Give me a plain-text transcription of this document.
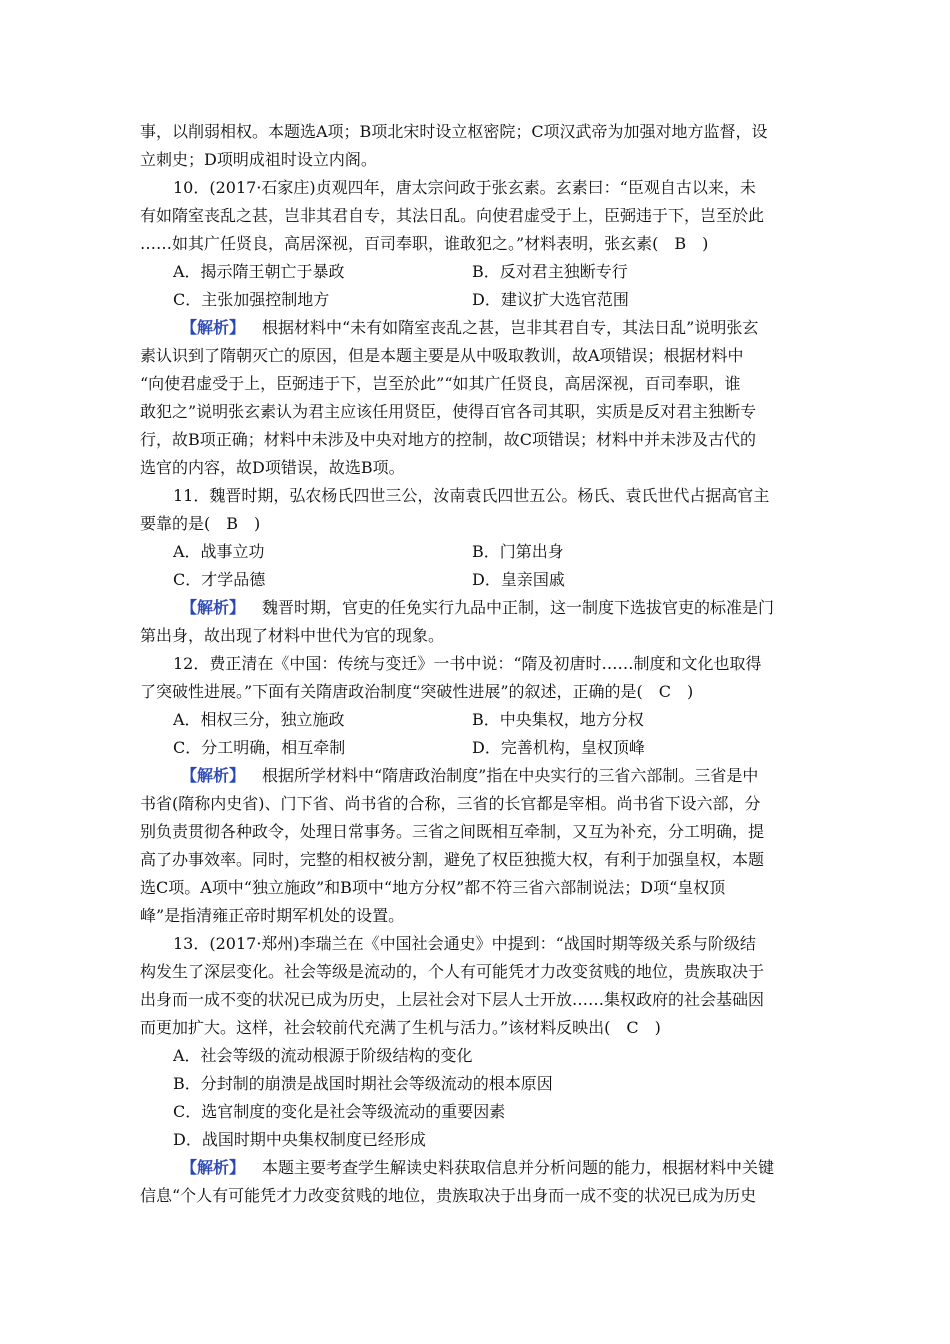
事，以削弱相权。本题选A项；B项北宋时设立枢密院；C项汉武帝为加强对地方监督，设
立刺史；D项明成祖时设立内阁。
10．(2017·石家庄)贞观四年，唐太宗问政于张玄素。玄素曰：“臣观自古以来，未
有如隋室丧乱之甚，岂非其君自专，其法日乱。向使君虚受于上，臣弼违于下，岂至於此
……如其广任贤良，高居深视，百司奉职，谁敢犯之。”材料表明，张玄素(　B　)
A．揭示隋王朝亡于暴政	B．反对君主独断专行
C．主张加强控制地方	D．建议扩大选官范围
【解析】 根据材料中“未有如隋室丧乱之甚，岂非其君自专，其法日乱”说明张玄
素认识到了隋朝灭亡的原因，但是本题主要是从中吸取教训，故A项错误；根据材料中
“向使君虚受于上，臣弼违于下，岂至於此”“如其广任贤良，高居深视，百司奉职，谁
敢犯之”说明张玄素认为君主应该任用贤臣，使得百官各司其职，实质是反对君主独断专
行，故B项正确；材料中未涉及中央对地方的控制，故C项错误；材料中并未涉及古代的
选官的内容，故D项错误，故选B项。
11．魏晋时期，弘农杨氏四世三公，汝南袁氏四世五公。杨氏、袁氏世代占据高官主
要靠的是(　B　)
A．战事立功	B．门第出身
C．才学品德	D．皇亲国戚
【解析】 魏晋时期，官吏的任免实行九品中正制，这一制度下选拔官吏的标准是门
第出身，故出现了材料中世代为官的现象。
12．费正清在《中国：传统与变迁》一书中说：“隋及初唐时……制度和文化也取得
了突破性进展。”下面有关隋唐政治制度“突破性进展”的叙述，正确的是(　C　)
A．相权三分，独立施政	B．中央集权，地方分权
C．分工明确，相互牵制	D．完善机构，皇权顶峰
【解析】 根据所学材料中“隋唐政治制度”指在中央实行的三省六部制。三省是中
书省(隋称内史省)、门下省、尚书省的合称，三省的长官都是宰相。尚书省下设六部，分
别负责贯彻各种政令，处理日常事务。三省之间既相互牵制，又互为补充，分工明确，提
高了办事效率。同时，完整的相权被分割，避免了权臣独揽大权，有利于加强皇权，本题
选C项。A项中“独立施政”和B项中“地方分权”都不符三省六部制说法；D项“皇权顶
峰”是指清雍正帝时期军机处的设置。
13．(2017·郑州)李瑞兰在《中国社会通史》中提到：“战国时期等级关系与阶级结
构发生了深层变化。社会等级是流动的，个人有可能凭才力改变贫贱的地位，贵族取决于
出身而一成不变的状况已成为历史，上层社会对下层人士开放……集权政府的社会基础因
而更加扩大。这样，社会较前代充满了生机与活力。”该材料反映出(　C　)
A．社会等级的流动根源于阶级结构的变化
B．分封制的崩溃是战国时期社会等级流动的根本原因
C．选官制度的变化是社会等级流动的重要因素
D．战国时期中央集权制度已经形成
【解析】 本题主要考查学生解读史料获取信息并分析问题的能力，根据材料中关键
信息“个人有可能凭才力改变贫贱的地位，贵族取决于出身而一成不变的状况已成为历史
